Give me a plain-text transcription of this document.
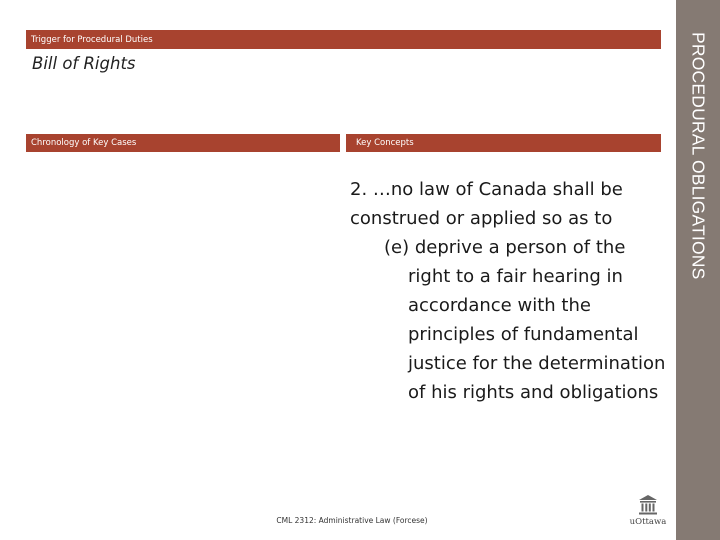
PROCEDURAL OBLIGATIONS
Trigger for Procedural Duties
Bill of Rights
Chronology of Key Cases	Key Concepts
2. …no law of Canada shall be construed or applied so as to
(e) deprive a person of the right to a fair hearing in accordance with the principles of fundamental justice for the determination of his rights and obligations
CML 2312: Administrative Law (Forcese)	uOttawa
